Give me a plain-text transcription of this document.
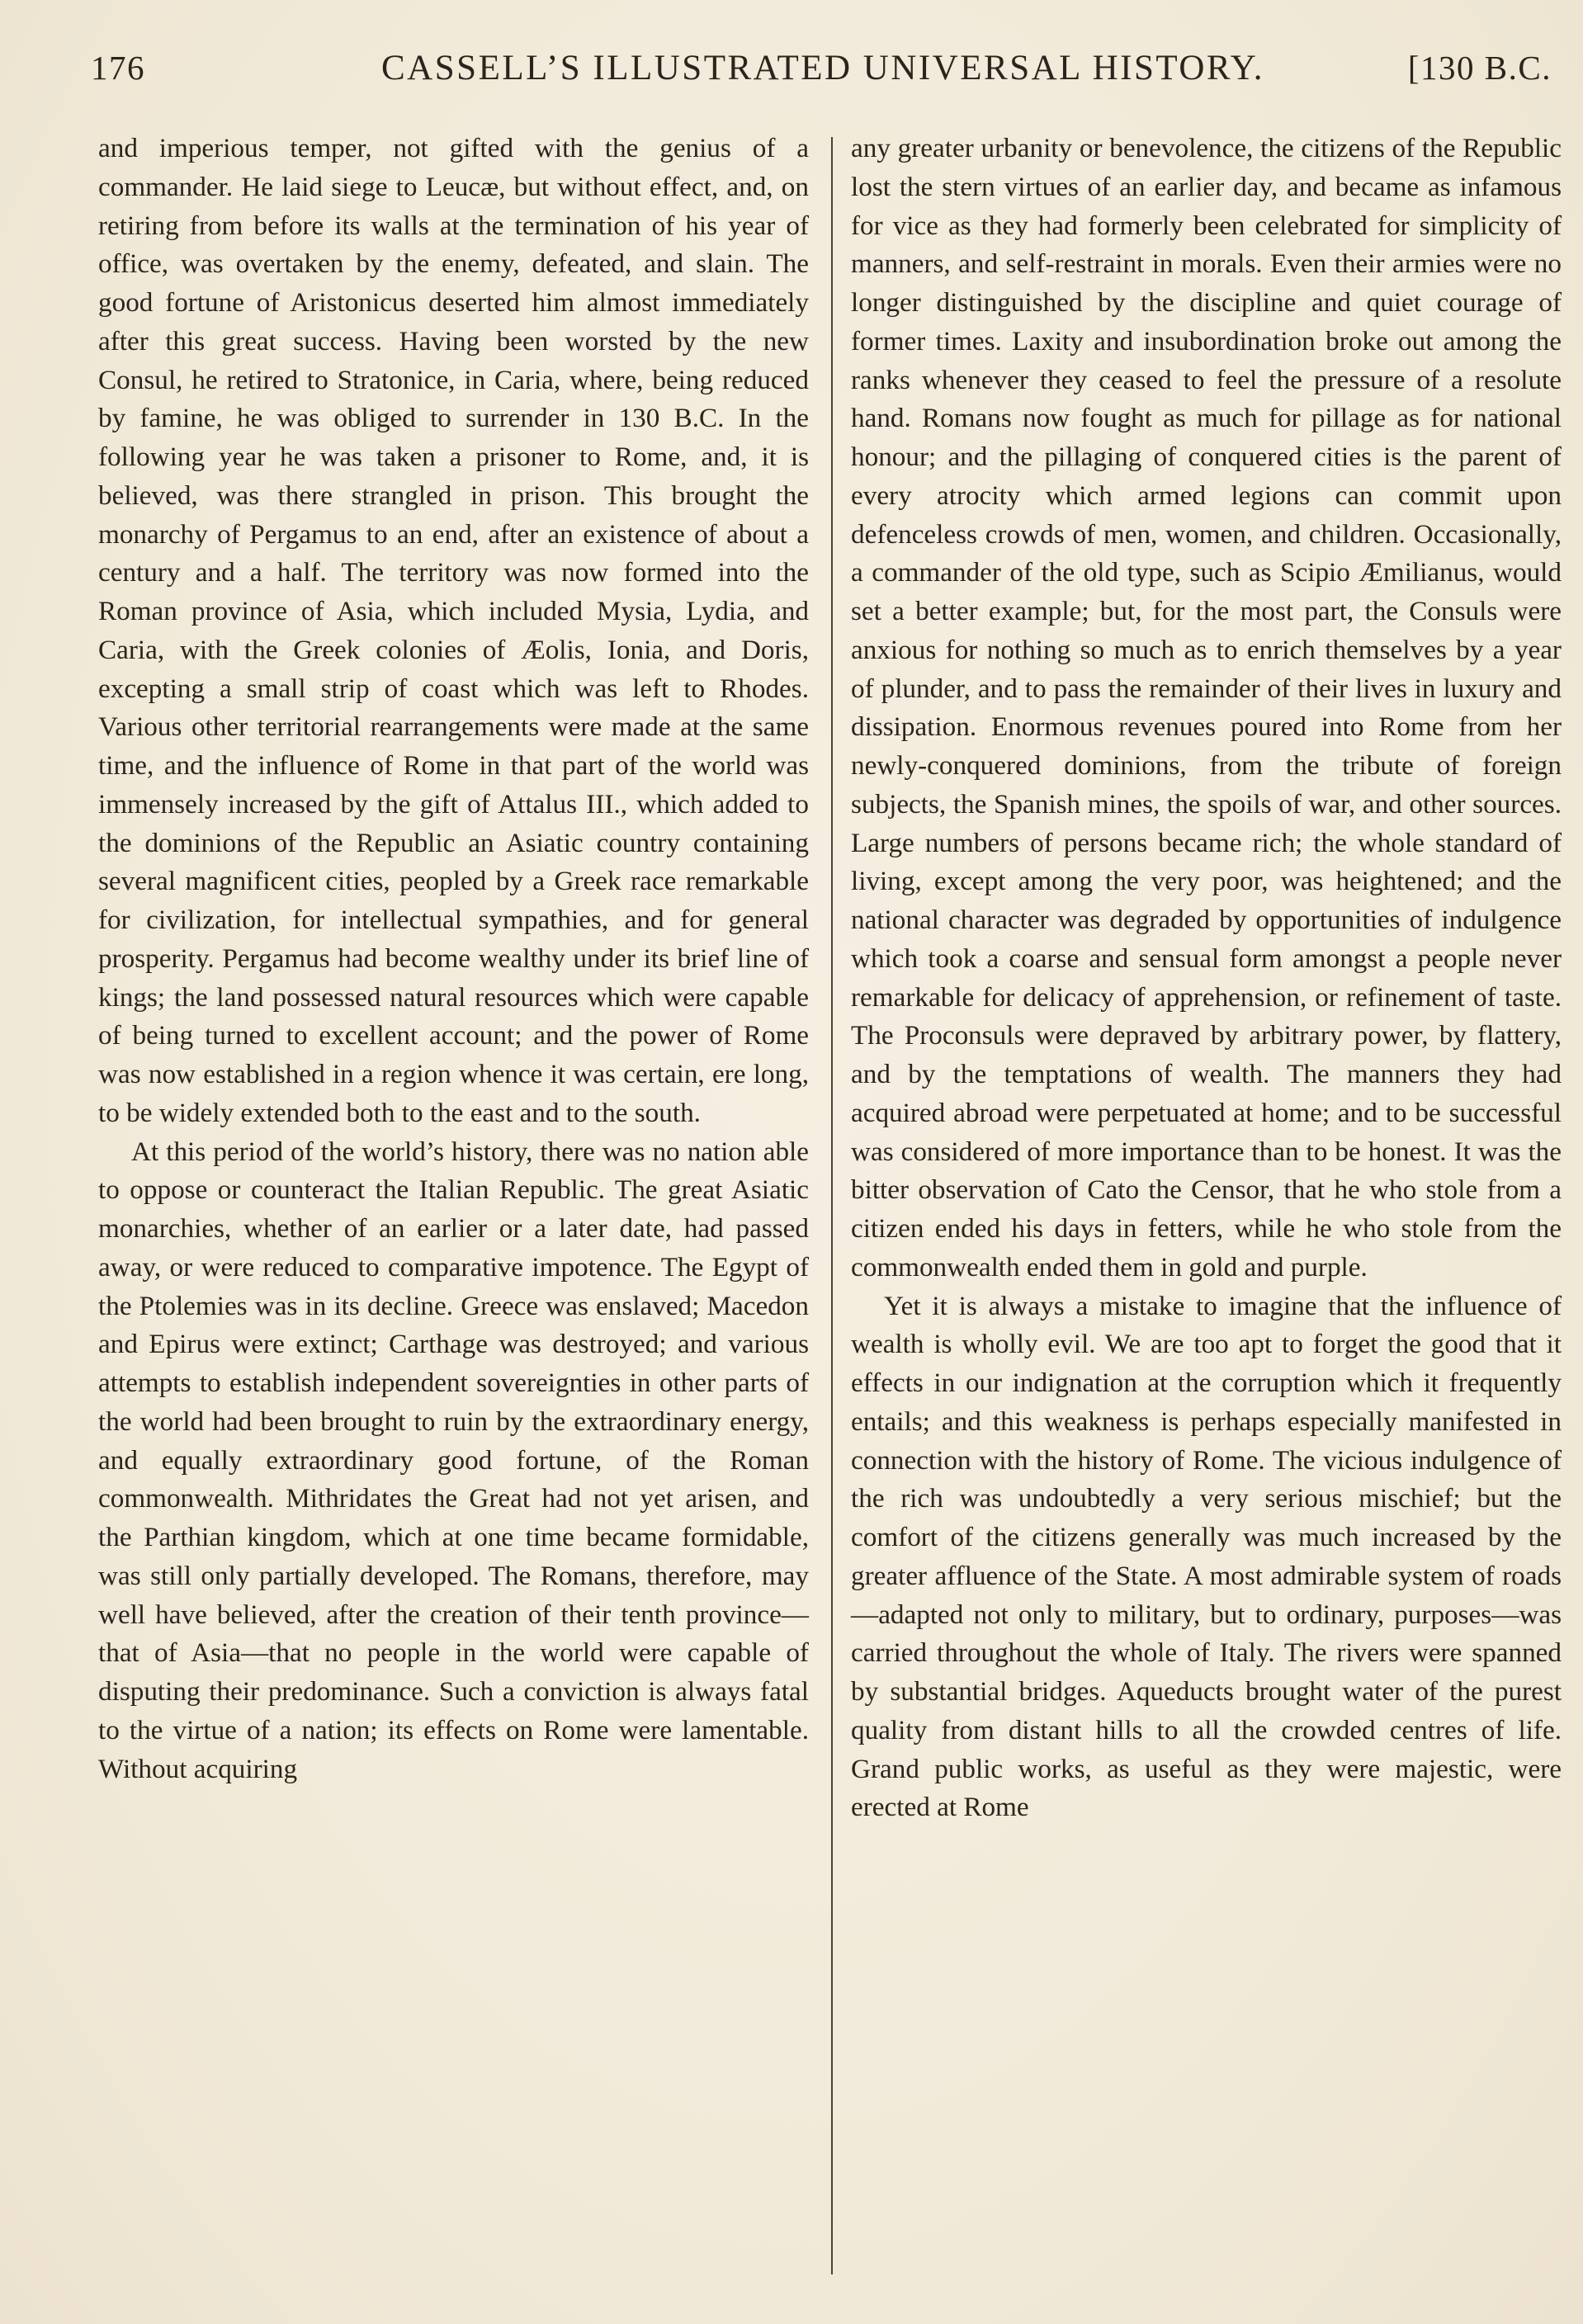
176	CASSELL’S ILLUSTRATED UNIVERSAL HISTORY.	[130 B.C.

and imperious temper, not gifted with the genius of a commander. He laid siege to Leucæ, but without effect, and, on retiring from before its walls at the termination of his year of office, was overtaken by the enemy, defeated, and slain. The good fortune of Aristonicus deserted him almost immediately after this great success. Having been worsted by the new Consul, he retired to Stratonice, in Caria, where, being reduced by famine, he was obliged to surrender in 130 B.C. In the following year he was taken a prisoner to Rome, and, it is believed, was there strangled in prison. This brought the monarchy of Pergamus to an end, after an existence of about a century and a half. The territory was now formed into the Roman province of Asia, which included Mysia, Lydia, and Caria, with the Greek colonies of Æolis, Ionia, and Doris, excepting a small strip of coast which was left to Rhodes. Various other territorial rearrangements were made at the same time, and the influence of Rome in that part of the world was immensely increased by the gift of Attalus III., which added to the dominions of the Republic an Asiatic country containing several magnificent cities, peopled by a Greek race remarkable for civilization, for intellectual sympathies, and for general prosperity. Pergamus had become wealthy under its brief line of kings; the land possessed natural resources which were capable of being turned to excellent account; and the power of Rome was now established in a region whence it was certain, ere long, to be widely extended both to the east and to the south.

At this period of the world’s history, there was no nation able to oppose or counteract the Italian Republic. The great Asiatic monarchies, whether of an earlier or a later date, had passed away, or were reduced to comparative impotence. The Egypt of the Ptolemies was in its decline. Greece was enslaved; Macedon and Epirus were extinct; Carthage was destroyed; and various attempts to establish independent sovereignties in other parts of the world had been brought to ruin by the extraordinary energy, and equally extraordinary good fortune, of the Roman commonwealth. Mithridates the Great had not yet arisen, and the Parthian kingdom, which at one time became formidable, was still only partially developed. The Romans, therefore, may well have believed, after the creation of their tenth province—that of Asia—that no people in the world were capable of disputing their predominance. Such a conviction is always fatal to the virtue of a nation; its effects on Rome were lamentable. Without acquiring

any greater urbanity or benevolence, the citizens of the Republic lost the stern virtues of an earlier day, and became as infamous for vice as they had formerly been celebrated for simplicity of manners, and self-restraint in morals. Even their armies were no longer distinguished by the discipline and quiet courage of former times. Laxity and insubordination broke out among the ranks whenever they ceased to feel the pressure of a resolute hand. Romans now fought as much for pillage as for national honour; and the pillaging of conquered cities is the parent of every atrocity which armed legions can commit upon defenceless crowds of men, women, and children. Occasionally, a commander of the old type, such as Scipio Æmilianus, would set a better example; but, for the most part, the Consuls were anxious for nothing so much as to enrich themselves by a year of plunder, and to pass the remainder of their lives in luxury and dissipation. Enormous revenues poured into Rome from her newly-conquered dominions, from the tribute of foreign subjects, the Spanish mines, the spoils of war, and other sources. Large numbers of persons became rich; the whole standard of living, except among the very poor, was heightened; and the national character was degraded by opportunities of indulgence which took a coarse and sensual form amongst a people never remarkable for delicacy of apprehension, or refinement of taste. The Proconsuls were depraved by arbitrary power, by flattery, and by the temptations of wealth. The manners they had acquired abroad were perpetuated at home; and to be successful was considered of more importance than to be honest. It was the bitter observation of Cato the Censor, that he who stole from a citizen ended his days in fetters, while he who stole from the commonwealth ended them in gold and purple.

Yet it is always a mistake to imagine that the influence of wealth is wholly evil. We are too apt to forget the good that it effects in our indignation at the corruption which it frequently entails; and this weakness is perhaps especially manifested in connection with the history of Rome. The vicious indulgence of the rich was undoubtedly a very serious mischief; but the comfort of the citizens generally was much increased by the greater affluence of the State. A most admirable system of roads—adapted not only to military, but to ordinary, purposes—was carried throughout the whole of Italy. The rivers were spanned by substantial bridges. Aqueducts brought water of the purest quality from distant hills to all the crowded centres of life. Grand public works, as useful as they were majestic, were erected at Rome
